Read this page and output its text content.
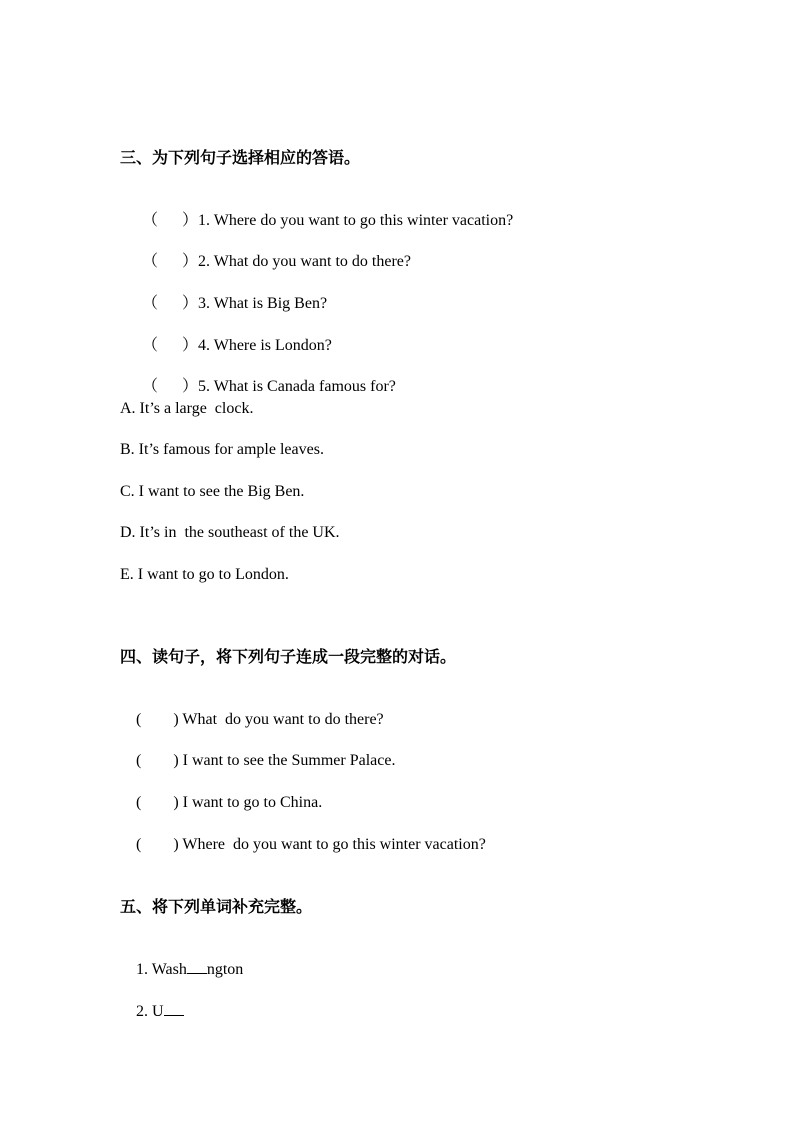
三、为下列句子选择相应的答语。

（      ）1. Where do you want to go this winter vacation?

（      ）2. What do you want to do there?

（      ）3. What is Big Ben?

（      ）4. Where is London?

（      ）5. What is Canada famous for?

A. It’s a large  clock.
B. It’s famous for ample leaves.
C. I want to see the Big Ben.
D. It’s in  the southeast of the UK.
E. I want to go to London.
四、读句子，将下列句子连成一段完整的对话。

(        ) What  do you want to do there?

(        ) I want to see the Summer Palace.

(        ) I want to go to China.

(        ) Where  do you want to go this winter vacation?

五、将下列单词补充完整。

1. Wash ngton

2. U
